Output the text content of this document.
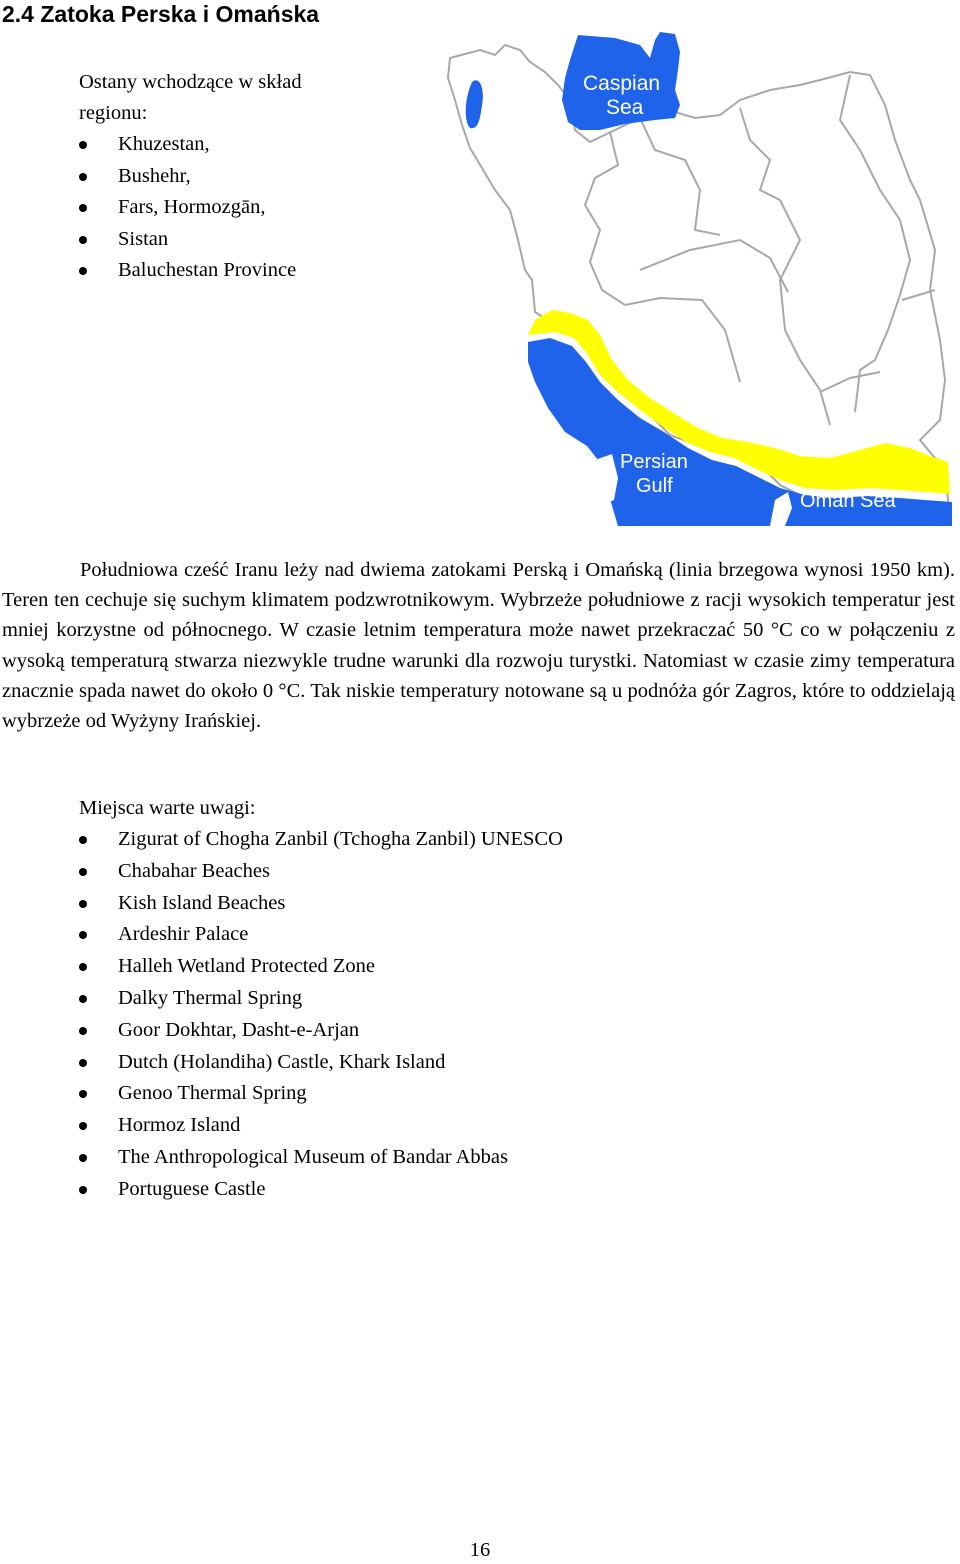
2.4 Zatoka Perska i Omańska
Ostany wchodzące w skład
regionu:
Khuzestan,
Bushehr,
Fars, Hormozgān,
Sistan
Baluchestan Province
Caspian
Sea
Persian
Gulf
Oman Sea

Południowa cześć Iranu leży nad dwiema zatokami Perską i Omańską (linia brzegowa wynosi 1950 km). Teren ten cechuje się suchym klimatem podzwrotnikowym. Wybrzeże południowe z racji wysokich temperatur jest mniej korzystne od północnego. W czasie letnim temperatura może nawet przekraczać 50 °C co w połączeniu z wysoką temperaturą stwarza niezwykle trudne warunki dla rozwoju turystki. Natomiast w czasie zimy temperatura znacznie spada nawet do około 0 °C. Tak niskie temperatury notowane są u podnóża gór Zagros, które to oddzielają wybrzeże od Wyżyny Irańskiej.

Miejsca warte uwagi:
Zigurat of Chogha Zanbil (Tchogha Zanbil) UNESCO
Chabahar Beaches
Kish Island Beaches
Ardeshir Palace
Halleh Wetland Protected Zone
Dalky Thermal Spring
Goor Dokhtar, Dasht-e-Arjan
Dutch (Holandiha) Castle, Khark Island
Genoo Thermal Spring
Hormoz Island
The Anthropological Museum of Bandar Abbas
Portuguese Castle
16
